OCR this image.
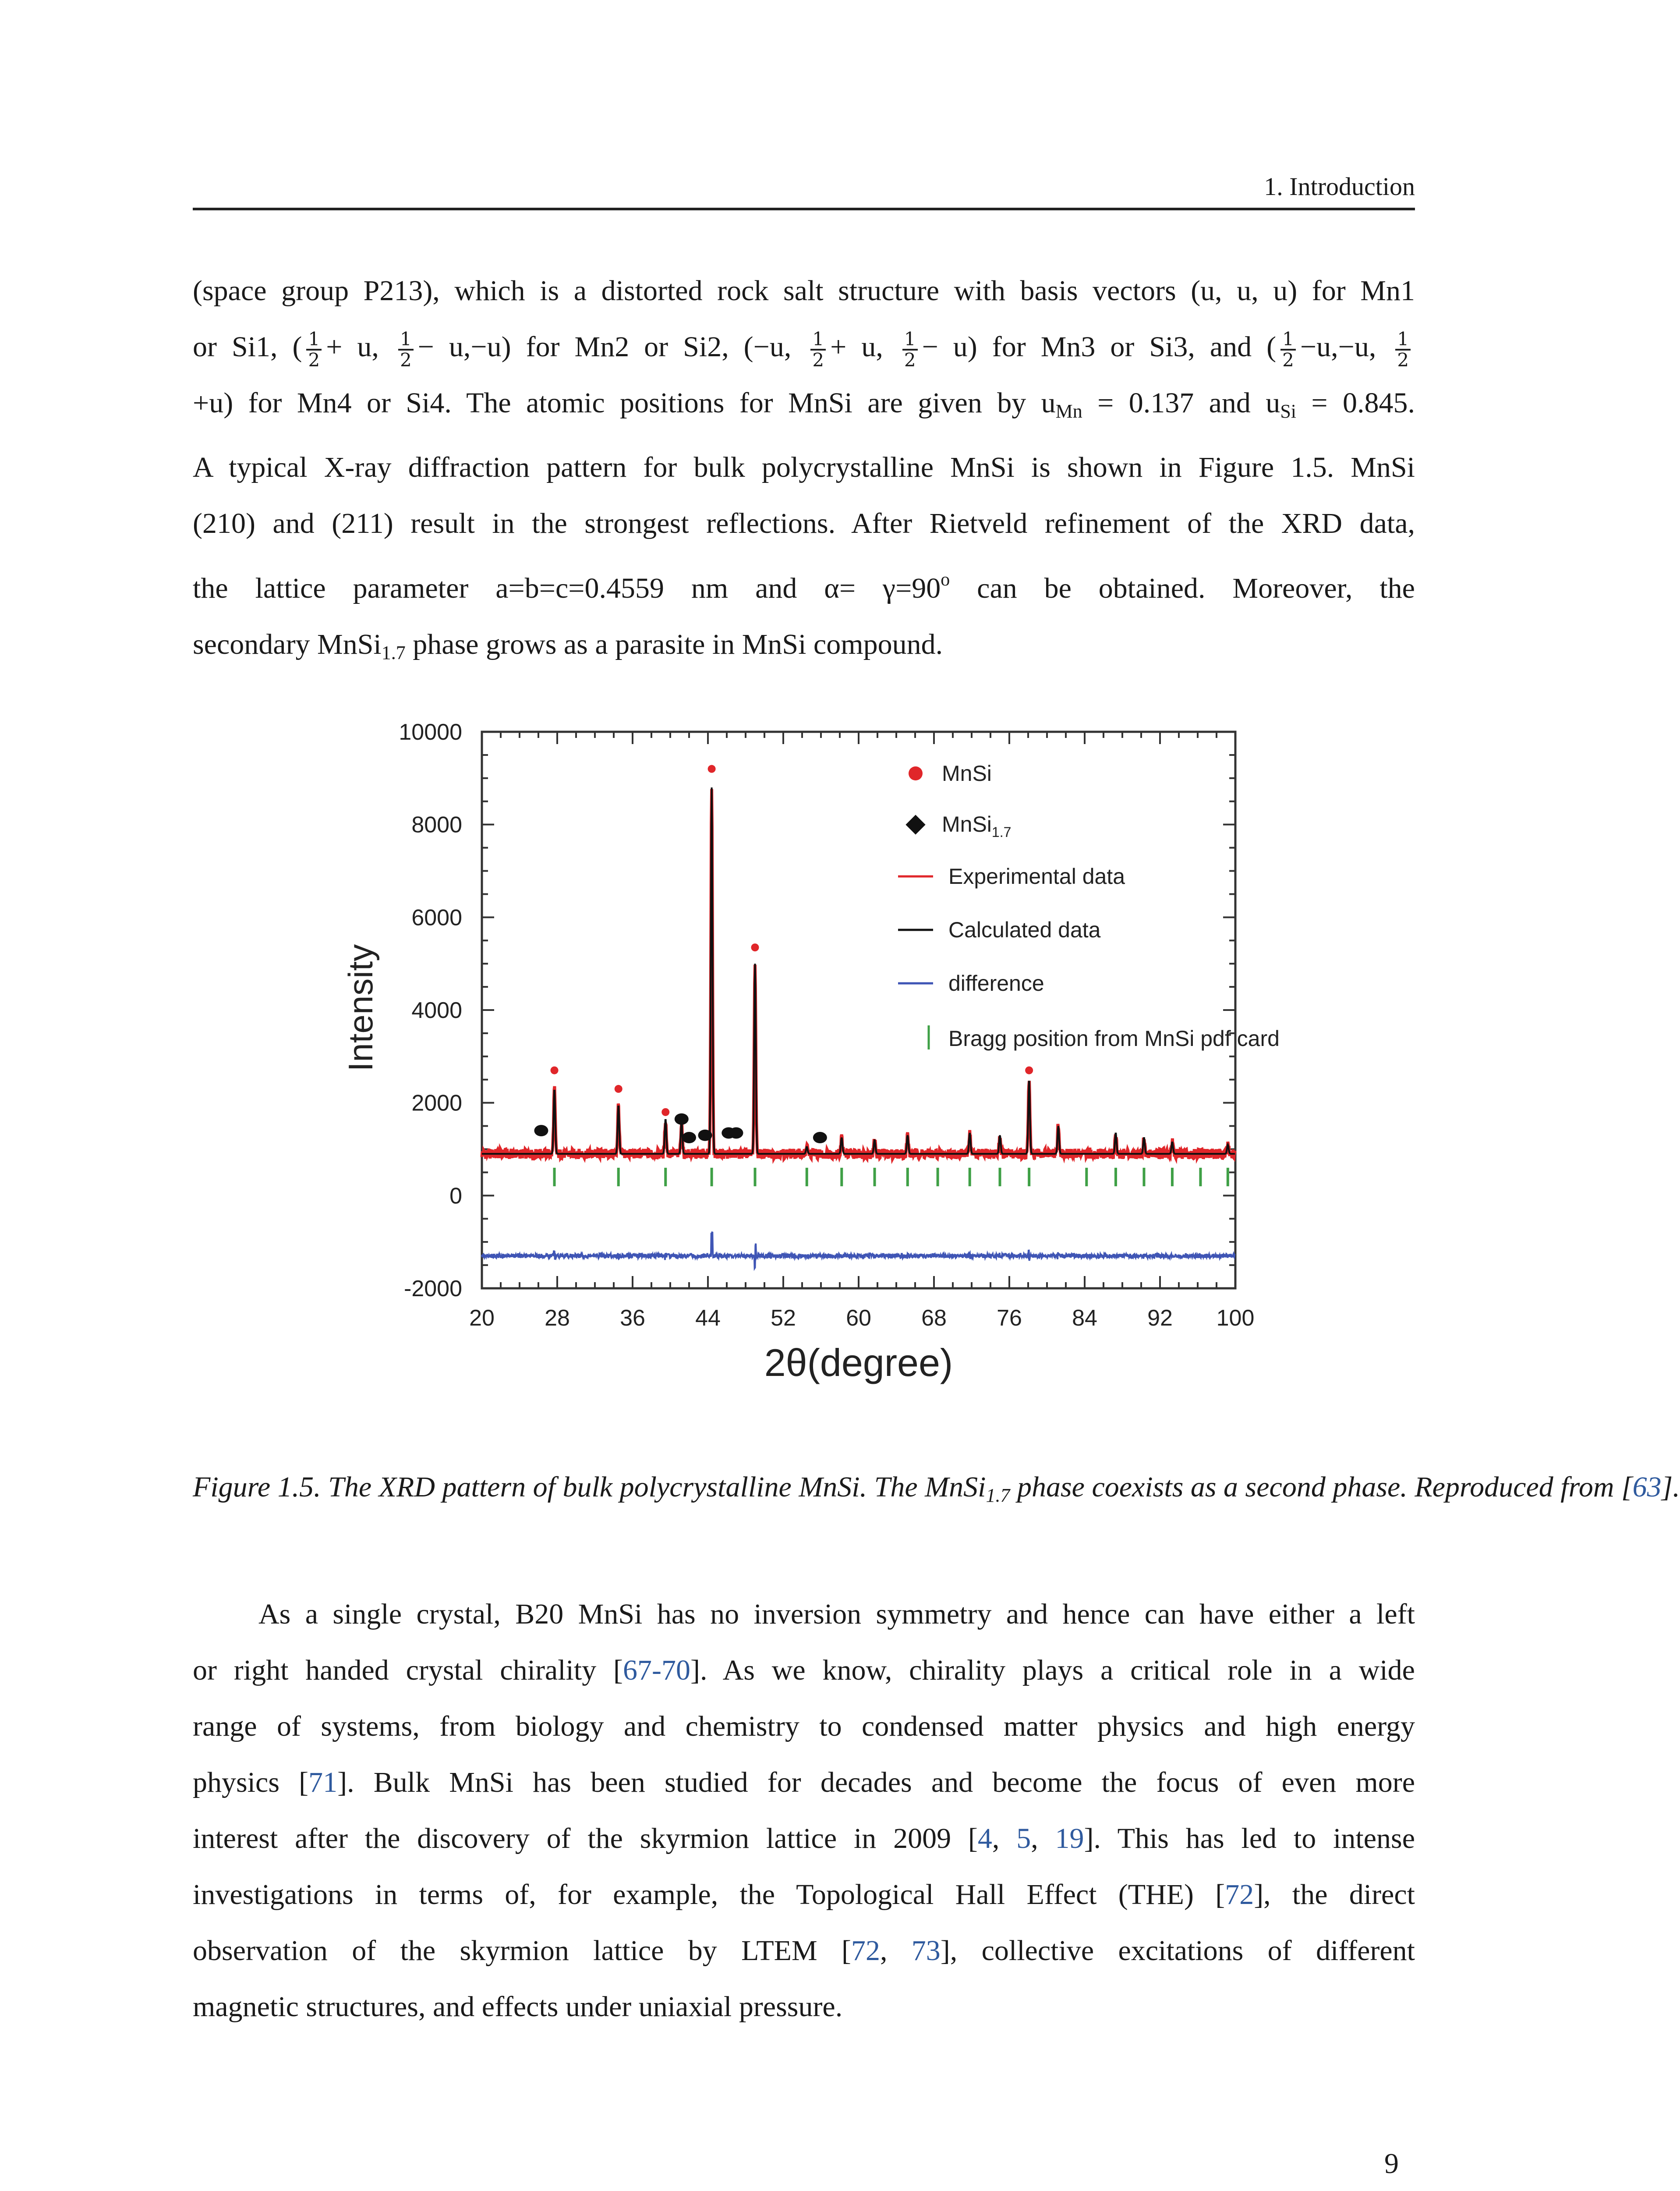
1. Introduction
(space group P213), which is a distorted rock salt structure with basis vectors (u, u, u) for Mn1
or Si1, ( $\frac{1}{2} + u$, $\frac{1}{2} - u,-u$) for Mn2 or Si2, (−u, $\frac{1}{2} + u$, $\frac{1}{2} - u$) for Mn3 or Si3, and ( $\frac{1}{2} -u,-u$, $\frac{1}{2}$
+u) for Mn4 or Si4. The atomic positions for MnSi are given by $u_{Mn} = 0.137$ and $u_{Si} = 0.845$.
A typical X-ray diffraction pattern for bulk polycrystalline MnSi is shown in Figure 1.5. MnSi
(210) and (211) result in the strongest reflections. After Rietveld refinement of the XRD data,
the lattice parameter a=b=c=0.4559 nm and $\alpha= \gamma=90^o$ can be obtained. Moreover, the
secondary MnSi$_{1.7}$ phase grows as a parasite in MnSi compound.
20 28 36 44 52 60 68 76 84 92 100
10000
8000
6000
4000
2000
0
-2000
2θ(degree)
Intensity
MnSi
MnSi$_{1.7}$
Experimental data
Calculated data
difference
Bragg position from MnSi pdf card
Figure 1.5. The XRD pattern of bulk polycrystalline MnSi. The MnSi$_{1.7}$ phase coexists as a second phase. Reproduced from [63].
As a single crystal, B20 MnSi has no inversion symmetry and hence can have either a left
or right handed crystal chirality [67-70]. As we know, chirality plays a critical role in a wide
range of systems, from biology and chemistry to condensed matter physics and high energy
physics [71]. Bulk MnSi has been studied for decades and become the focus of even more
interest after the discovery of the skyrmion lattice in 2009 [4, 5, 19]. This has led to intense
investigations in terms of, for example, the Topological Hall Effect (THE) [72], the direct
observation of the skyrmion lattice by LTEM [72, 73], collective excitations of different
magnetic structures, and effects under uniaxial pressure.
9
